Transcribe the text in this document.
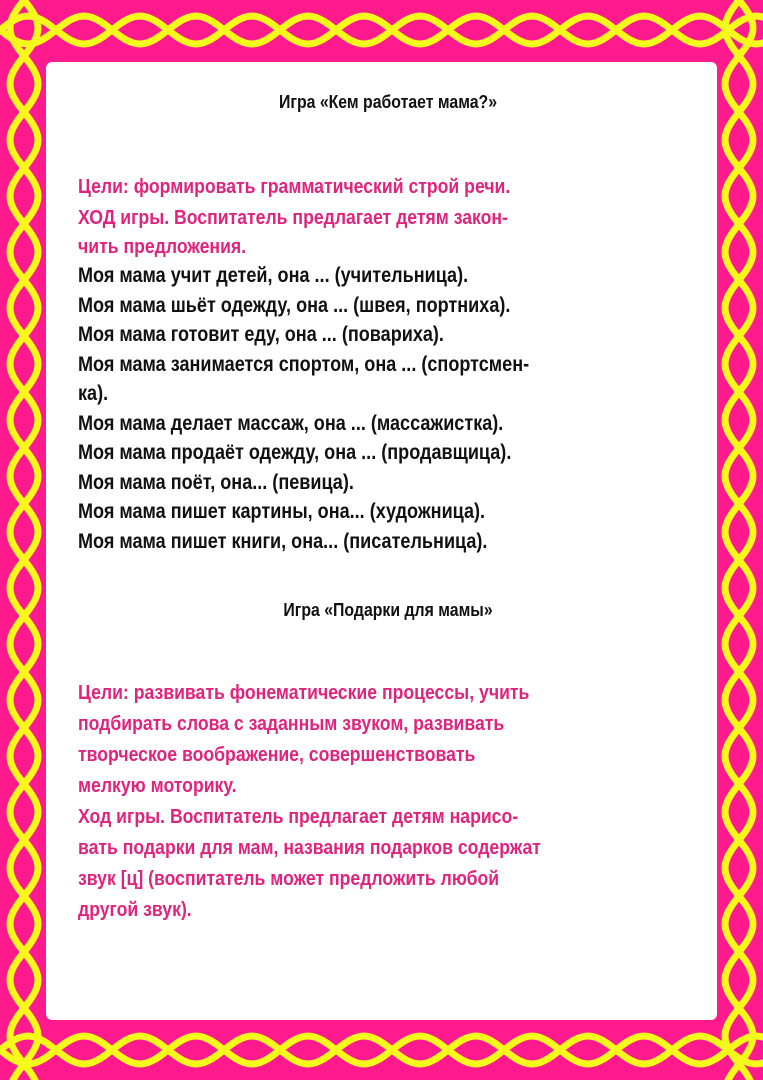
Игра «Кем работает мама?»
Цели: формировать грамматический строй речи.
ХОД игры. Воспитатель предлагает детям закон-
чить предложения.
Моя мама учит детей, она ... (учительница).
Моя мама шьёт одежду, она ... (швея, портниха).
Моя мама готовит еду, она ... (повариха).
Моя мама занимается спортом, она ... (спортсмен-
ка).
Моя мама делает массаж, она ... (массажистка).
Моя мама продаёт одежду, она ... (продавщица).
Моя мама поёт, она... (певица).
Моя мама пишет картины, она... (художница).
Моя мама пишет книги, она... (писательница).
Игра «Подарки для мамы»
Цели: развивать фонематические процессы, учить
подбирать слова с заданным звуком, развивать
творческое воображение, совершенствовать
мелкую моторику.
Ход игры. Воспитатель предлагает детям нарисо-
вать подарки для мам, названия подарков содержат
звук [ц] (воспитатель может предложить любой
другой звук).
